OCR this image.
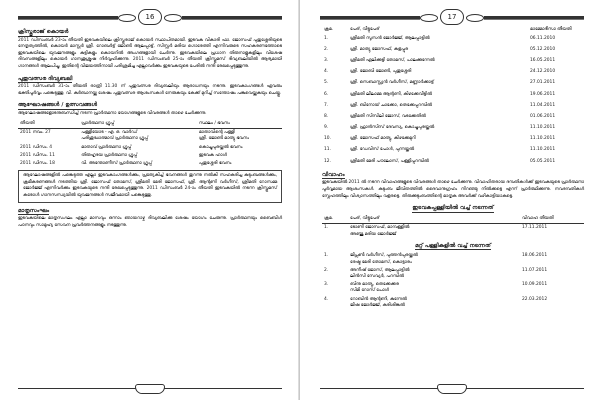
16
ക്രിസ്തുരാജ് കൊയർ
2011 ഡിസംബർ 23-ാം തീയതി ഇടവകയിലെ ക്രിസ്തുരാജ് കൊയർ സ്ഥാപിതമായി. ഇടവക വികാരി ഫാ. ജോസഫ് പുതുശ്ശേരിയുടെ നേതൃത്വത്തിൽ, കൊയർ മാസ്റ്റർ ശ്രീ. റോബർട്ട് ജോൺ ആലപ്പാട്ട്, സിസ്റ്റർ മരിയ ഗൊരേത്തി എന്നിവരുടെ സഹകരണത്തോടെ ഇടവകയിലെ യുവജനങ്ങളും കുട്ടികളും കൊയറിൽ അംഗങ്ങളായി ചേർന്നു. ഇടവകയിലെ പ്രധാന തിരുനാളുകളിലും വിശേഷ ദിവസങ്ങളിലും കൊയർ ഗാനശുശ്രൂഷ നിർവ്വഹിക്കുന്നു. 2011 ഡിസംബർ 25-ാം തീയതി ക്രിസ്തുമസ് ദിവ്യബലിയിൽ ആദ്യമായി ഗാനങ്ങൾ ആലപിച്ചു. ഇതിന്റെ വിജയത്തിനായി പരിശ്രമിച്ച എല്ലാവർക്കും ഇടവകയുടെ പേരിൽ നന്ദി രേഖപ്പെടുത്തുന്നു.
പുതുവത്സര ദിവ്യബലി
2011 ഡിസംബർ 31-ാം തീയതി രാത്രി 11.30 ന് പുതുവത്സര ദിവ്യബലിയും ആരാധനയും നടന്നു. ഇടവകാംഗങ്ങൾ ഏവരും ഭക്തിപൂർവ്വം പങ്കെടുത്തു. വി. കുർബാനയ്ക്കു ശേഷം പുതുവത്സര ആശംസകൾ നേരുകയും കേക്ക് മുറിച്ച് സന്തോഷം പങ്കുവെയ്ക്കുകയും ചെയ്തു.
ആഘോഷങ്ങൾ / ഉത്സവങ്ങൾ
ആഘോഷങ്ങളോടനുബന്ധിച്ച് നടന്ന പ്രാർത്ഥനാ യോഗങ്ങളുടെ വിവരങ്ങൾ താഴെ ചേർക്കുന്നു.
തീയതി	പ്രാർത്ഥനാ ഗ്രൂപ്പ്	സ്ഥലം / ഭവനം
2011 നവം. 27	പള്ളിയോട - എ. ഒ. വാർഡ്
പരിശുദ്ധാത്മാവ് പ്രാർത്ഥനാ ഗ്രൂപ്പ്	മാതാവിന്റെ പള്ളി
ശ്രീ. ജോൺ മാത്യു ഭവനം

2011 ഡിസം. 4	മാതാവ് പ്രാർത്ഥനാ ഗ്രൂപ്പ്	കൊച്ചുപുരയ്ക്കൽ ഭവനം
2011 ഡിസം. 11	തിരുഹൃദയ പ്രാർത്ഥനാ ഗ്രൂപ്പ്	ഇടവക ഹാൾ
2011 ഡിസം. 18	വി. അന്തോണീസ് പ്രാർത്ഥനാ ഗ്രൂപ്പ്	പുതുശ്ശേരി ഭവനം
ആഘോഷങ്ങളിൽ പങ്കെടുത്ത എല്ലാ ഇടവകാംഗങ്ങൾക്കും, പ്രത്യേകിച്ച് ഭവനങ്ങൾ തുറന്നു നൽകി സഹകരിച്ച കുടുംബങ്ങൾക്കും, ക്രമീകരണങ്ങൾ നടത്തിയ ശ്രീ. ജോസഫ് തോമസ്, ശ്രീമതി മേരി ജോസഫ്, ശ്രീ. ആന്റണി വർഗീസ്, ശ്രീമതി റോസമ്മ ജോർജ്ജ് എന്നിവർക്കും ഇടവകയുടെ നന്ദി രേഖപ്പെടുത്തുന്നു. 2011 ഡിസംബർ 24-ാം തീയതി ഇടവകയിൽ നടന്ന ക്രിസ്തുമസ് കരോൾ ഗാനസന്ധ്യയിൽ യുവജനങ്ങൾ സജീവമായി പങ്കെടുത്തു.
മാതൃസംഘം
ഇടവകയിലെ മാതൃസംഘം എല്ലാ മാസവും ഒന്നാം ഞായറാഴ്ച ദിവ്യബലിക്കു ശേഷം യോഗം ചേരുന്നു. പ്രാർത്ഥനയും ബൈബിൾ പഠനവും സാമൂഹ്യ സേവന പ്രവർത്തനങ്ങളും നടത്തുന്നു.
17
ക്രമ.	പേര്, വീട്ടുപേര്	മാമ്മോദീസാ തീയതി
1.	ശ്രീമതി സൂസൻ ജോർജ്ജ്, ആലപ്പാട്ടിൽ	06.11.2010
2.	ശ്രീ. മാത്യു ജോസഫ്, കളപ്പുര	05.12.2010
3.	ശ്രീമതി ഏലിക്കുട്ടി തോമസ്, പാലക്കുന്നേൽ	16.05.2011
4.	ശ്രീ. ജോബി ജോൺ, പുതുശ്ശേരി	24.12.2010
5.	ശ്രീ. സെബാസ്റ്റ്യൻ വർഗീസ്, മണ്ണാർക്കാട്ട്	27.01.2011
6.	ശ്രീമതി ലീലാമ്മ ആന്റണി, കിഴക്കേവീട്ടിൽ	19.06.2011
7.	ശ്രീ. ബിനോയ് ചാക്കോ, തെക്കേപ്പറമ്പിൽ	11.04.2011
8.	ശ്രീമതി സിസിലി ജോസ്, വടക്കേതിൽ	01.06.2011
9.	ശ്രീ. ഫ്രാൻസിസ് ദേവസ്യ, കൊച്ചുപുരയ്ക്കൽ	11.10.2011
10.	ശ്രീ. ജോസഫ് മാത്യു, കിഴക്കേമുറി	11.10.2011
11.	ശ്രീ. ഡേവിസ് പോൾ, പുന്നയ്ക്കൽ	11.10.2011
12.	ശ്രീമതി മേരി പൗലോസ്, പള്ളിപ്പറമ്പിൽ	05.05.2011
വിവാഹം
ഇടവകയിൽ 2011 ൽ നടന്ന വിവാഹങ്ങളുടെ വിവരങ്ങൾ താഴെ ചേർക്കുന്നു. വിവാഹിതരായ ദമ്പതികൾക്ക് ഇടവകയുടെ പ്രാർത്ഥനാ പൂർവ്വമായ ആശംസകൾ. കുടുംബ ജീവിതത്തിൽ ദൈവാനുഗ്രഹം നിറഞ്ഞു നിൽക്കട്ടെ എന്ന് പ്രാർത്ഥിക്കുന്നു. നവദമ്പതികൾ സ്നേഹത്തിലും വിശ്വാസത്തിലും വളരട്ടെ. തിരുക്കുടുംബത്തിന്റെ മാതൃക അവർക്ക് വഴികാട്ടിയാകട്ടെ.
ഇടവകപ്പള്ളിയിൽ വച്ച് നടന്നത്
ക്രമ.	പേര്, വീട്ടുപേര്	വിവാഹ തീയതി
1.	ടോണി ജോസഫ്, മാമ്പള്ളിൽ
അഞ്ജു മരിയ ജോർജ്ജ്	17.11.2011
മറ്റ് പള്ളികളിൽ വച്ച് നടന്നത്
1.	ജിപ്സൺ വർഗീസ്, പുത്തൻപുരയ്ക്കൽ
രേഷ്മ മേരി തോമസ്, കൊട്ടാരം	18.06.2011
2.	അനീഷ് ജോസ്, ആലപ്പാട്ടിൽ
ലിൻസി സേവ്യർ, പറമ്പിൽ	11.07.2011
3.	ബിനു മാത്യു, തെക്കേക്കര
സിമി റോസ് പോൾ	10.09.2011
4.	റോബിൻ ആന്റണി, കുന്നേൽ
ജിഷ ജോർജ്ജ്, കുരിശിങ്കൽ	22.03.2012
